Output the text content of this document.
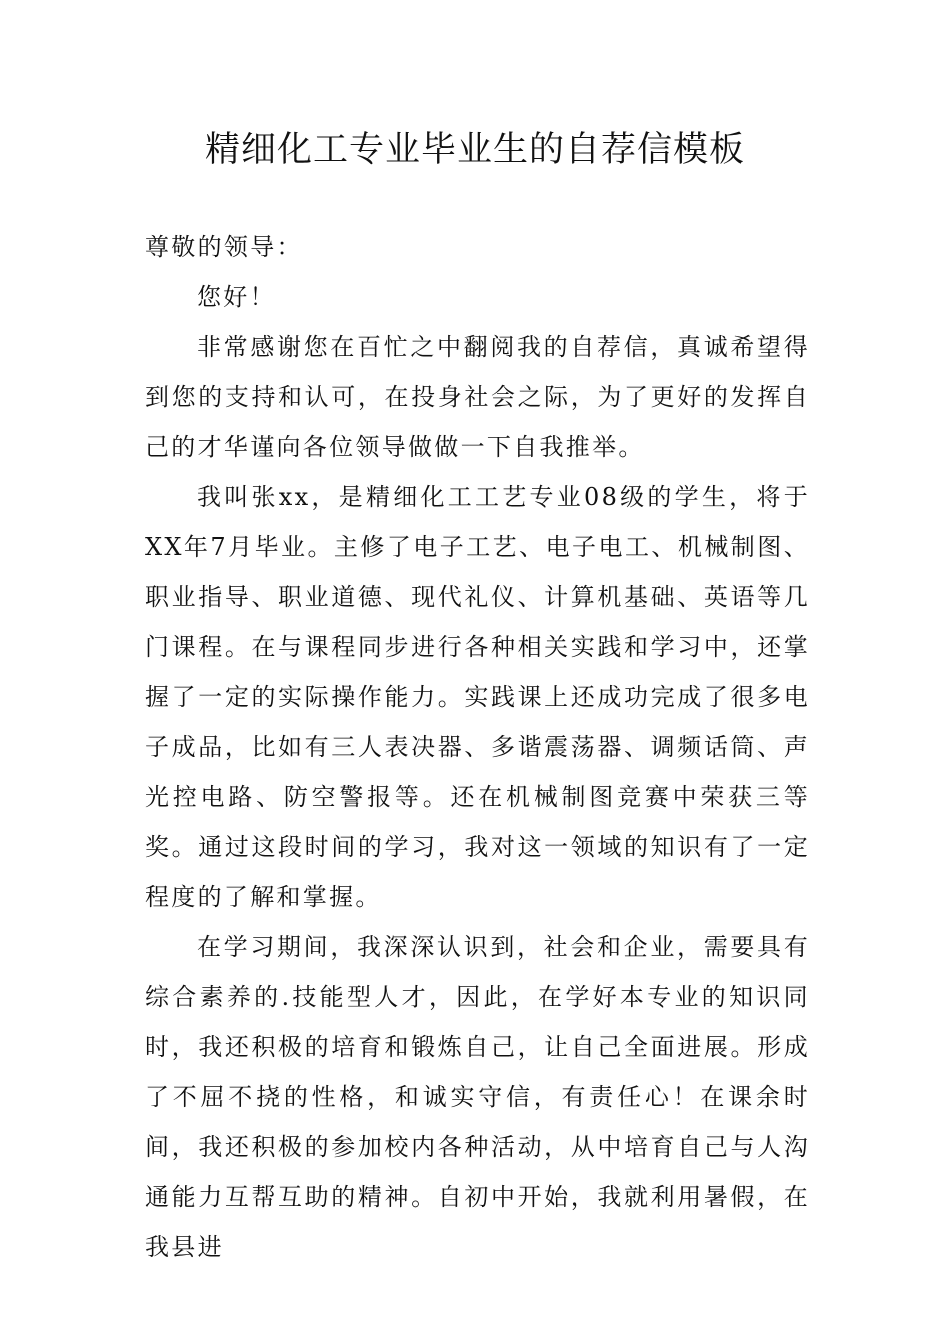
精细化工专业毕业生的自荐信模板

尊敬的领导：

您好！

非常感谢您在百忙之中翻阅我的自荐信，真诚希望得到您的支持和认可，在投身社会之际，为了更好的发挥自己的才华谨向各位领导做做一下自我推举。

我叫张xx，是精细化工工艺专业08级的学生，将于XX年7月毕业。主修了电子工艺、电子电工、机械制图、职业指导、职业道德、现代礼仪、计算机基础、英语等几门课程。在与课程同步进行各种相关实践和学习中，还掌握了一定的实际操作能力。实践课上还成功完成了很多电子成品，比如有三人表决器、多谐震荡器、调频话筒、声光控电路、防空警报等。还在机械制图竞赛中荣获三等奖。通过这段时间的学习，我对这一领域的知识有了一定程度的了解和掌握。

在学习期间，我深深认识到，社会和企业，需要具有综合素养的.技能型人才，因此，在学好本专业的知识同时，我还积极的培育和锻炼自己，让自己全面进展。形成了不屈不挠的性格，和诚实守信，有责任心！在课余时间，我还积极的参加校内各种活动，从中培育自己与人沟通能力互帮互助的精神。自初中开始，我就利用暑假，在我县进
